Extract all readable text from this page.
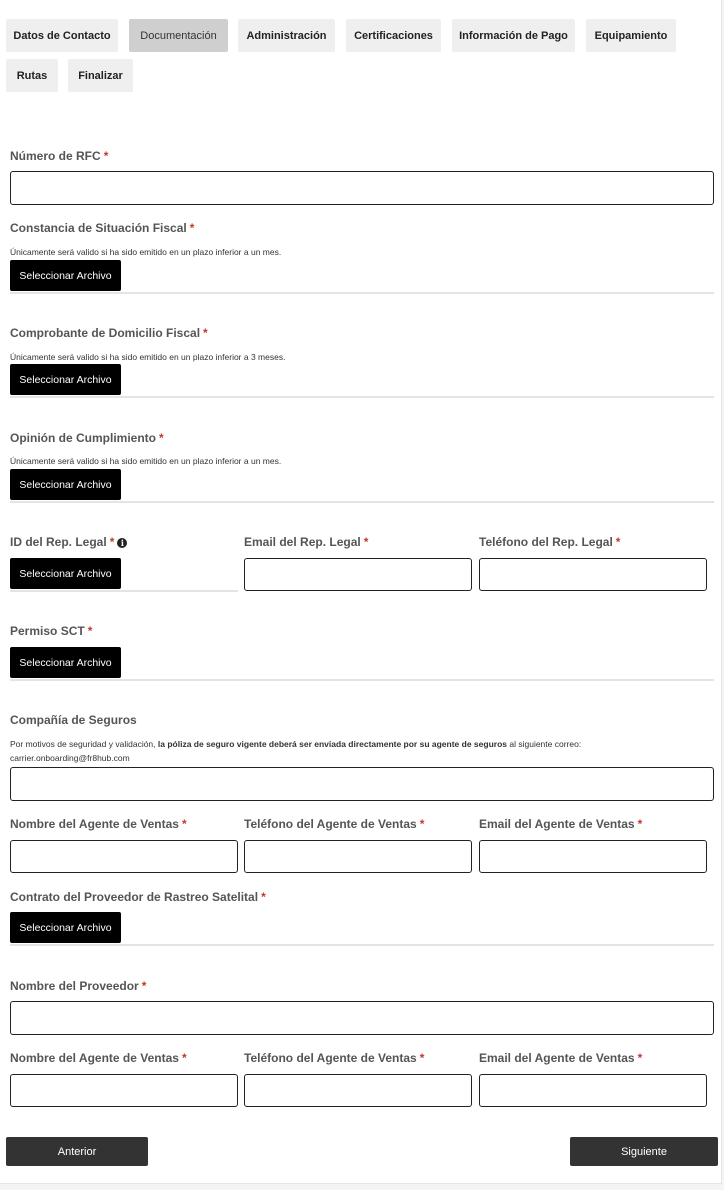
Datos de Contacto	Documentación	Administración	Certificaciones	Información de Pago	Equipamiento
Rutas	Finalizar
Número de RFC *
Constancia de Situación Fiscal *
Únicamente será valido si ha sido emitido en un plazo inferior a un mes.
Seleccionar Archivo
Comprobante de Domicilio Fiscal *
Únicamente será valido si ha sido emitido en un plazo inferior a 3 meses.
Seleccionar Archivo
Opinión de Cumplimiento *
Únicamente será valido si ha sido emitido en un plazo inferior a un mes.
Seleccionar Archivo
ID del Rep. Legal * i
Seleccionar Archivo
Email del Rep. Legal *	Teléfono del Rep. Legal *
Permiso SCT *
Seleccionar Archivo
Compañía de Seguros
Por motivos de seguridad y validación, la póliza de seguro vigente deberá ser enviada directamente por su agente de seguros al siguiente correo:
carrier.onboarding@fr8hub.com
Nombre del Agente de Ventas *	Teléfono del Agente de Ventas *	Email del Agente de Ventas *
Contrato del Proveedor de Rastreo Satelital *
Seleccionar Archivo
Nombre del Proveedor *
Nombre del Agente de Ventas *	Teléfono del Agente de Ventas *	Email del Agente de Ventas *
Anterior	Siguiente
